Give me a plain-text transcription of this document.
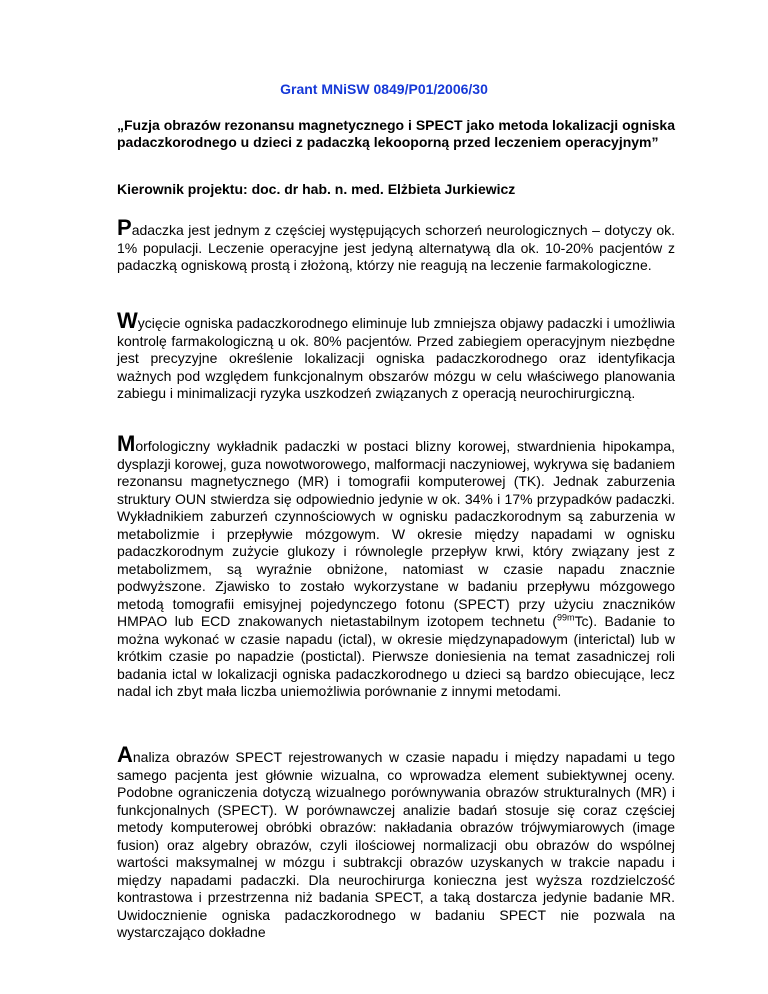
Grant MNiSW 0849/P01/2006/30
„Fuzja obrazów rezonansu magnetycznego i SPECT jako metoda lokalizacji ogniska padaczkorodnego u dzieci z padaczką lekooporną przed leczeniem operacyjnym”
Kierownik projektu: doc. dr hab. n. med. Elżbieta Jurkiewicz

Padaczka jest jednym z częściej występujących schorzeń neurologicznych – dotyczy ok. 1% populacji. Leczenie operacyjne jest jedyną alternatywą dla ok. 10-20% pacjentów z padaczką ogniskową prostą i złożoną, którzy nie reagują na leczenie farmakologiczne.

Wycięcie ogniska padaczkorodnego eliminuje lub zmniejsza objawy padaczki i umożliwia kontrolę farmakologiczną u ok. 80% pacjentów. Przed zabiegiem operacyjnym niezbędne jest precyzyjne określenie lokalizacji ogniska padaczkorodnego oraz identyfikacja ważnych pod względem funkcjonalnym obszarów mózgu w celu właściwego planowania zabiegu i minimalizacji ryzyka uszkodzeń związanych z operacją neurochirurgiczną.

Morfologiczny wykładnik padaczki w postaci blizny korowej, stwardnienia hipokampa, dysplazji korowej, guza nowotworowego, malformacji naczyniowej, wykrywa się badaniem rezonansu magnetycznego (MR) i tomografii komputerowej (TK). Jednak zaburzenia struktury OUN stwierdza się odpowiednio jedynie w ok. 34% i 17% przypadków padaczki. Wykładnikiem zaburzeń czynnościowych w ognisku padaczkorodnym są zaburzenia w metabolizmie i przepływie mózgowym. W okresie między napadami w ognisku padaczkorodnym zużycie glukozy i równolegle przepływ krwi, który związany jest z metabolizmem, są wyraźnie obniżone, natomiast w czasie napadu znacznie podwyższone. Zjawisko to zostało wykorzystane w badaniu przepływu mózgowego metodą tomografii emisyjnej pojedynczego fotonu (SPECT) przy użyciu znaczników HMPAO lub ECD znakowanych nietastabilnym izotopem technetu ($^{99m}$Tc). Badanie to można wykonać w czasie napadu (ictal), w okresie międzynapadowym (interictal) lub w krótkim czasie po napadzie (postictal). Pierwsze doniesienia na temat zasadniczej roli badania ictal w lokalizacji ogniska padaczkorodnego u dzieci są bardzo obiecujące, lecz nadal ich zbyt mała liczba uniemożliwia porównanie z innymi metodami.

Analiza obrazów SPECT rejestrowanych w czasie napadu i między napadami u tego samego pacjenta jest głównie wizualna, co wprowadza element subiektywnej oceny. Podobne ograniczenia dotyczą wizualnego porównywania obrazów strukturalnych (MR) i funkcjonalnych (SPECT). W porównawczej analizie badań stosuje się coraz częściej metody komputerowej obróbki obrazów: nakładania obrazów trójwymiarowych (image fusion) oraz algebry obrazów, czyli ilościowej normalizacji obu obrazów do wspólnej wartości maksymalnej w mózgu i subtrakcji obrazów uzyskanych w trakcie napadu i między napadami padaczki. Dla neurochirurga konieczna jest wyższa rozdzielczość kontrastowa i przestrzenna niż badania SPECT, a taką dostarcza jedynie badanie MR. Uwidocznienie ogniska padaczkorodnego w badaniu SPECT nie pozwala na wystarczająco dokładne
